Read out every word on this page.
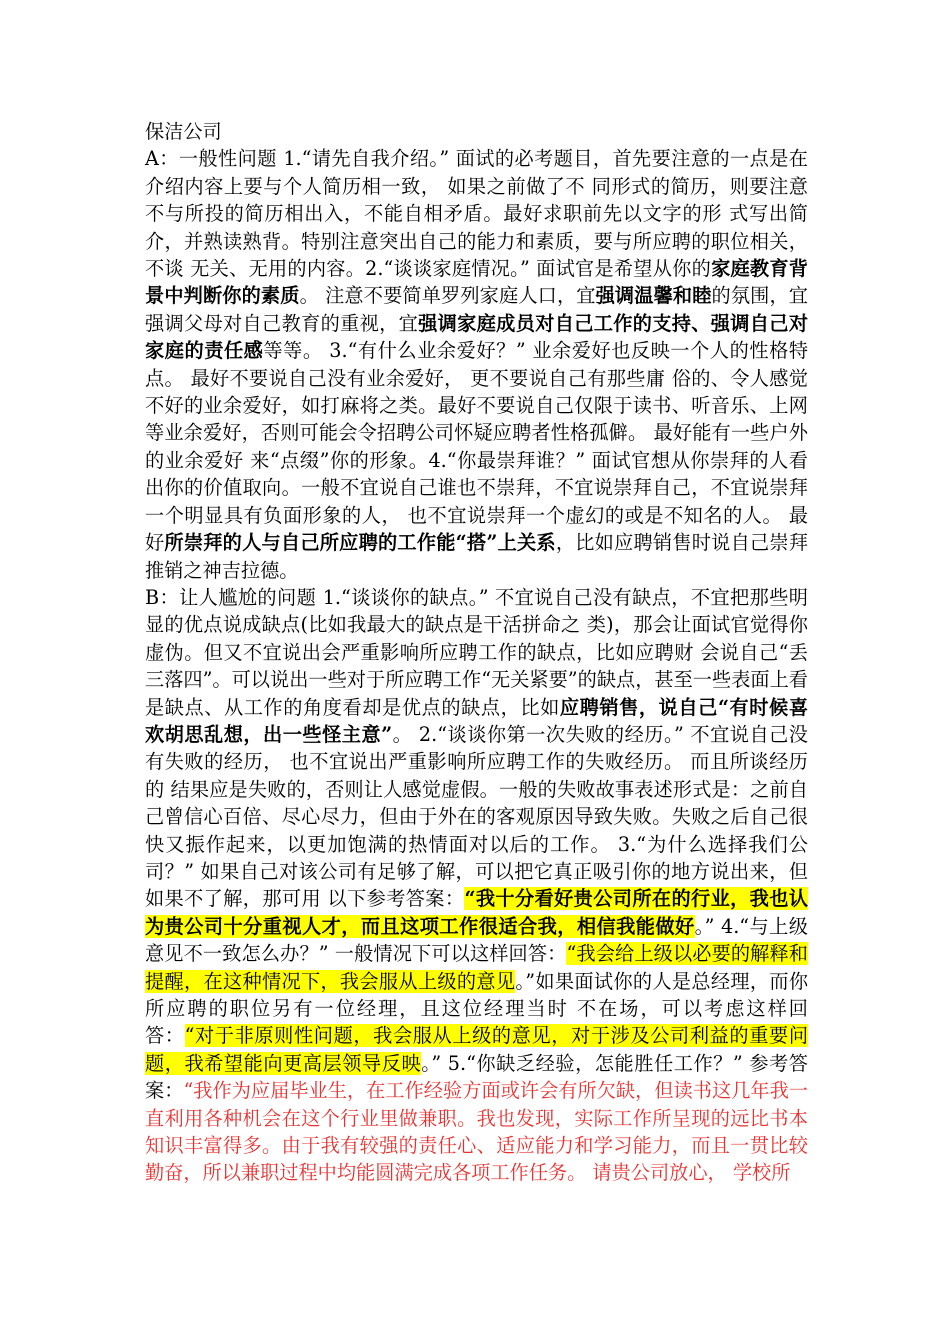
保洁公司

A：一般性问题 1.“请先自我介绍。” 面试的必考题目，首先要注意的一点是在介绍内容上要与个人简历相一致， 如果之前做了不 同形式的简历，则要注意不与所投的简历相出入，不能自相矛盾。最好求职前先以文字的形 式写出简介，并熟读熟背。特别注意突出自己的能力和素质，要与所应聘的职位相关，不谈 无关、无用的内容。2.“谈谈家庭情况。” 面试官是希望从你的家庭教育背景中判断你的素质。 注意不要简单罗列家庭人口，宜强调温馨和睦的氛围，宜强调父母对自己教育的重视，宜强调家庭成员对自己工作的支持、强调自己对家庭的责任感等等。 3.“有什么业余爱好？” 业余爱好也反映一个人的性格特点。 最好不要说自己没有业余爱好， 更不要说自己有那些庸 俗的、令人感觉不好的业余爱好，如打麻将之类。最好不要说自己仅限于读书、听音乐、上网等业余爱好，否则可能会令招聘公司怀疑应聘者性格孤僻。 最好能有一些户外的业余爱好 来“点缀”你的形象。4.“你最崇拜谁？” 面试官想从你崇拜的人看出你的价值取向。一般不宜说自己谁也不崇拜，不宜说崇拜自己，不宜说崇拜一个明显具有负面形象的人， 也不宜说崇拜一个虚幻的或是不知名的人。 最好所崇拜的人与自己所应聘的工作能“搭”上关系，比如应聘销售时说自己崇拜推销之神吉拉德。

B：让人尴尬的问题 1.“谈谈你的缺点。” 不宜说自己没有缺点，不宜把那些明显的优点说成缺点(比如我最大的缺点是干活拼命之 类)，那会让面试官觉得你虚伪。但又不宜说出会严重影响所应聘工作的缺点，比如应聘财 会说自己“丢三落四”。可以说出一些对于所应聘工作“无关紧要”的缺点，甚至一些表面上看 是缺点、从工作的角度看却是优点的缺点，比如应聘销售，说自己“有时候喜欢胡思乱想，出一些怪主意”。 2.“谈谈你第一次失败的经历。” 不宜说自己没有失败的经历， 也不宜说出严重影响所应聘工作的失败经历。 而且所谈经历的 结果应是失败的，否则让人感觉虚假。一般的失败故事表述形式是：之前自己曾信心百倍、尽心尽力，但由于外在的客观原因导致失败。失败之后自己很快又振作起来，以更加饱满的热情面对以后的工作。 3.“为什么选择我们公司？” 如果自己对该公司有足够了解，可以把它真正吸引你的地方说出来，但如果不了解，那可用 以下参考答案：“我十分看好贵公司所在的行业，我也认为贵公司十分重视人才，而且这项工作很适合我，相信我能做好。” 4.“与上级意见不一致怎么办？” 一般情况下可以这样回答：“我会给上级以必要的解释和提醒，在这种情况下，我会服从上级的意见。”如果面试你的人是总经理，而你所应聘的职位另有一位经理，且这位经理当时 不在场，可以考虑这样回答：“对于非原则性问题，我会服从上级的意见，对于涉及公司利益的重要问题，我希望能向更高层领导反映。” 5.“你缺乏经验，怎能胜任工作？” 参考答案：“我作为应届毕业生，在工作经验方面或许会有所欠缺，但读书这几年我一直利用各种机会在这个行业里做兼职。我也发现，实际工作所呈现的远比书本知识丰富得多。由于我有较强的责任心、适应能力和学习能力，而且一贯比较勤奋，所以兼职过程中均能圆满完成各项工作任务。 请贵公司放心， 学校所
